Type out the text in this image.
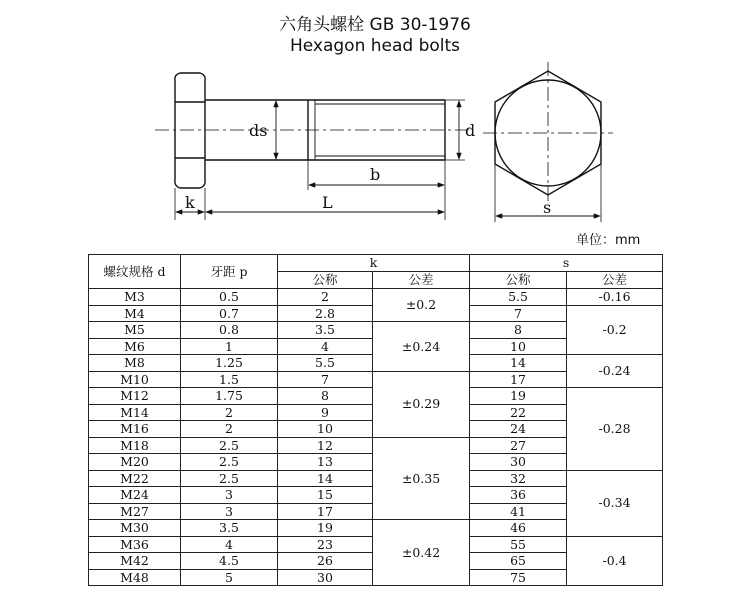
六角头螺栓 GB 30-1976
Hexagon head bolts
ds	d
b
k	L	s
单位：mm
螺纹规格 d	牙距 p	k		s	
		公称	公差	公称	公差
M3	0.5	2	±0.2	5.5	-0.16
M4	0.7	2.8		7	-0.2
M5	0.8	3.5	±0.24	8	
M6	1	4		10	
M8	1.25	5.5		14	-0.24
M10	1.5	7	±0.29	17	
M12	1.75	8		19	-0.28
M14	2	9		22	
M16	2	10		24	
M18	2.5	12	±0.35	27	
M20	2.5	13		30	
M22	2.5	14		32	-0.34
M24	3	15		36	
M27	3	17		41	
M30	3.5	19	±0.42	46	
M36	4	23		55	-0.4
M42	4.5	26		65	
M48	5	30		75	
